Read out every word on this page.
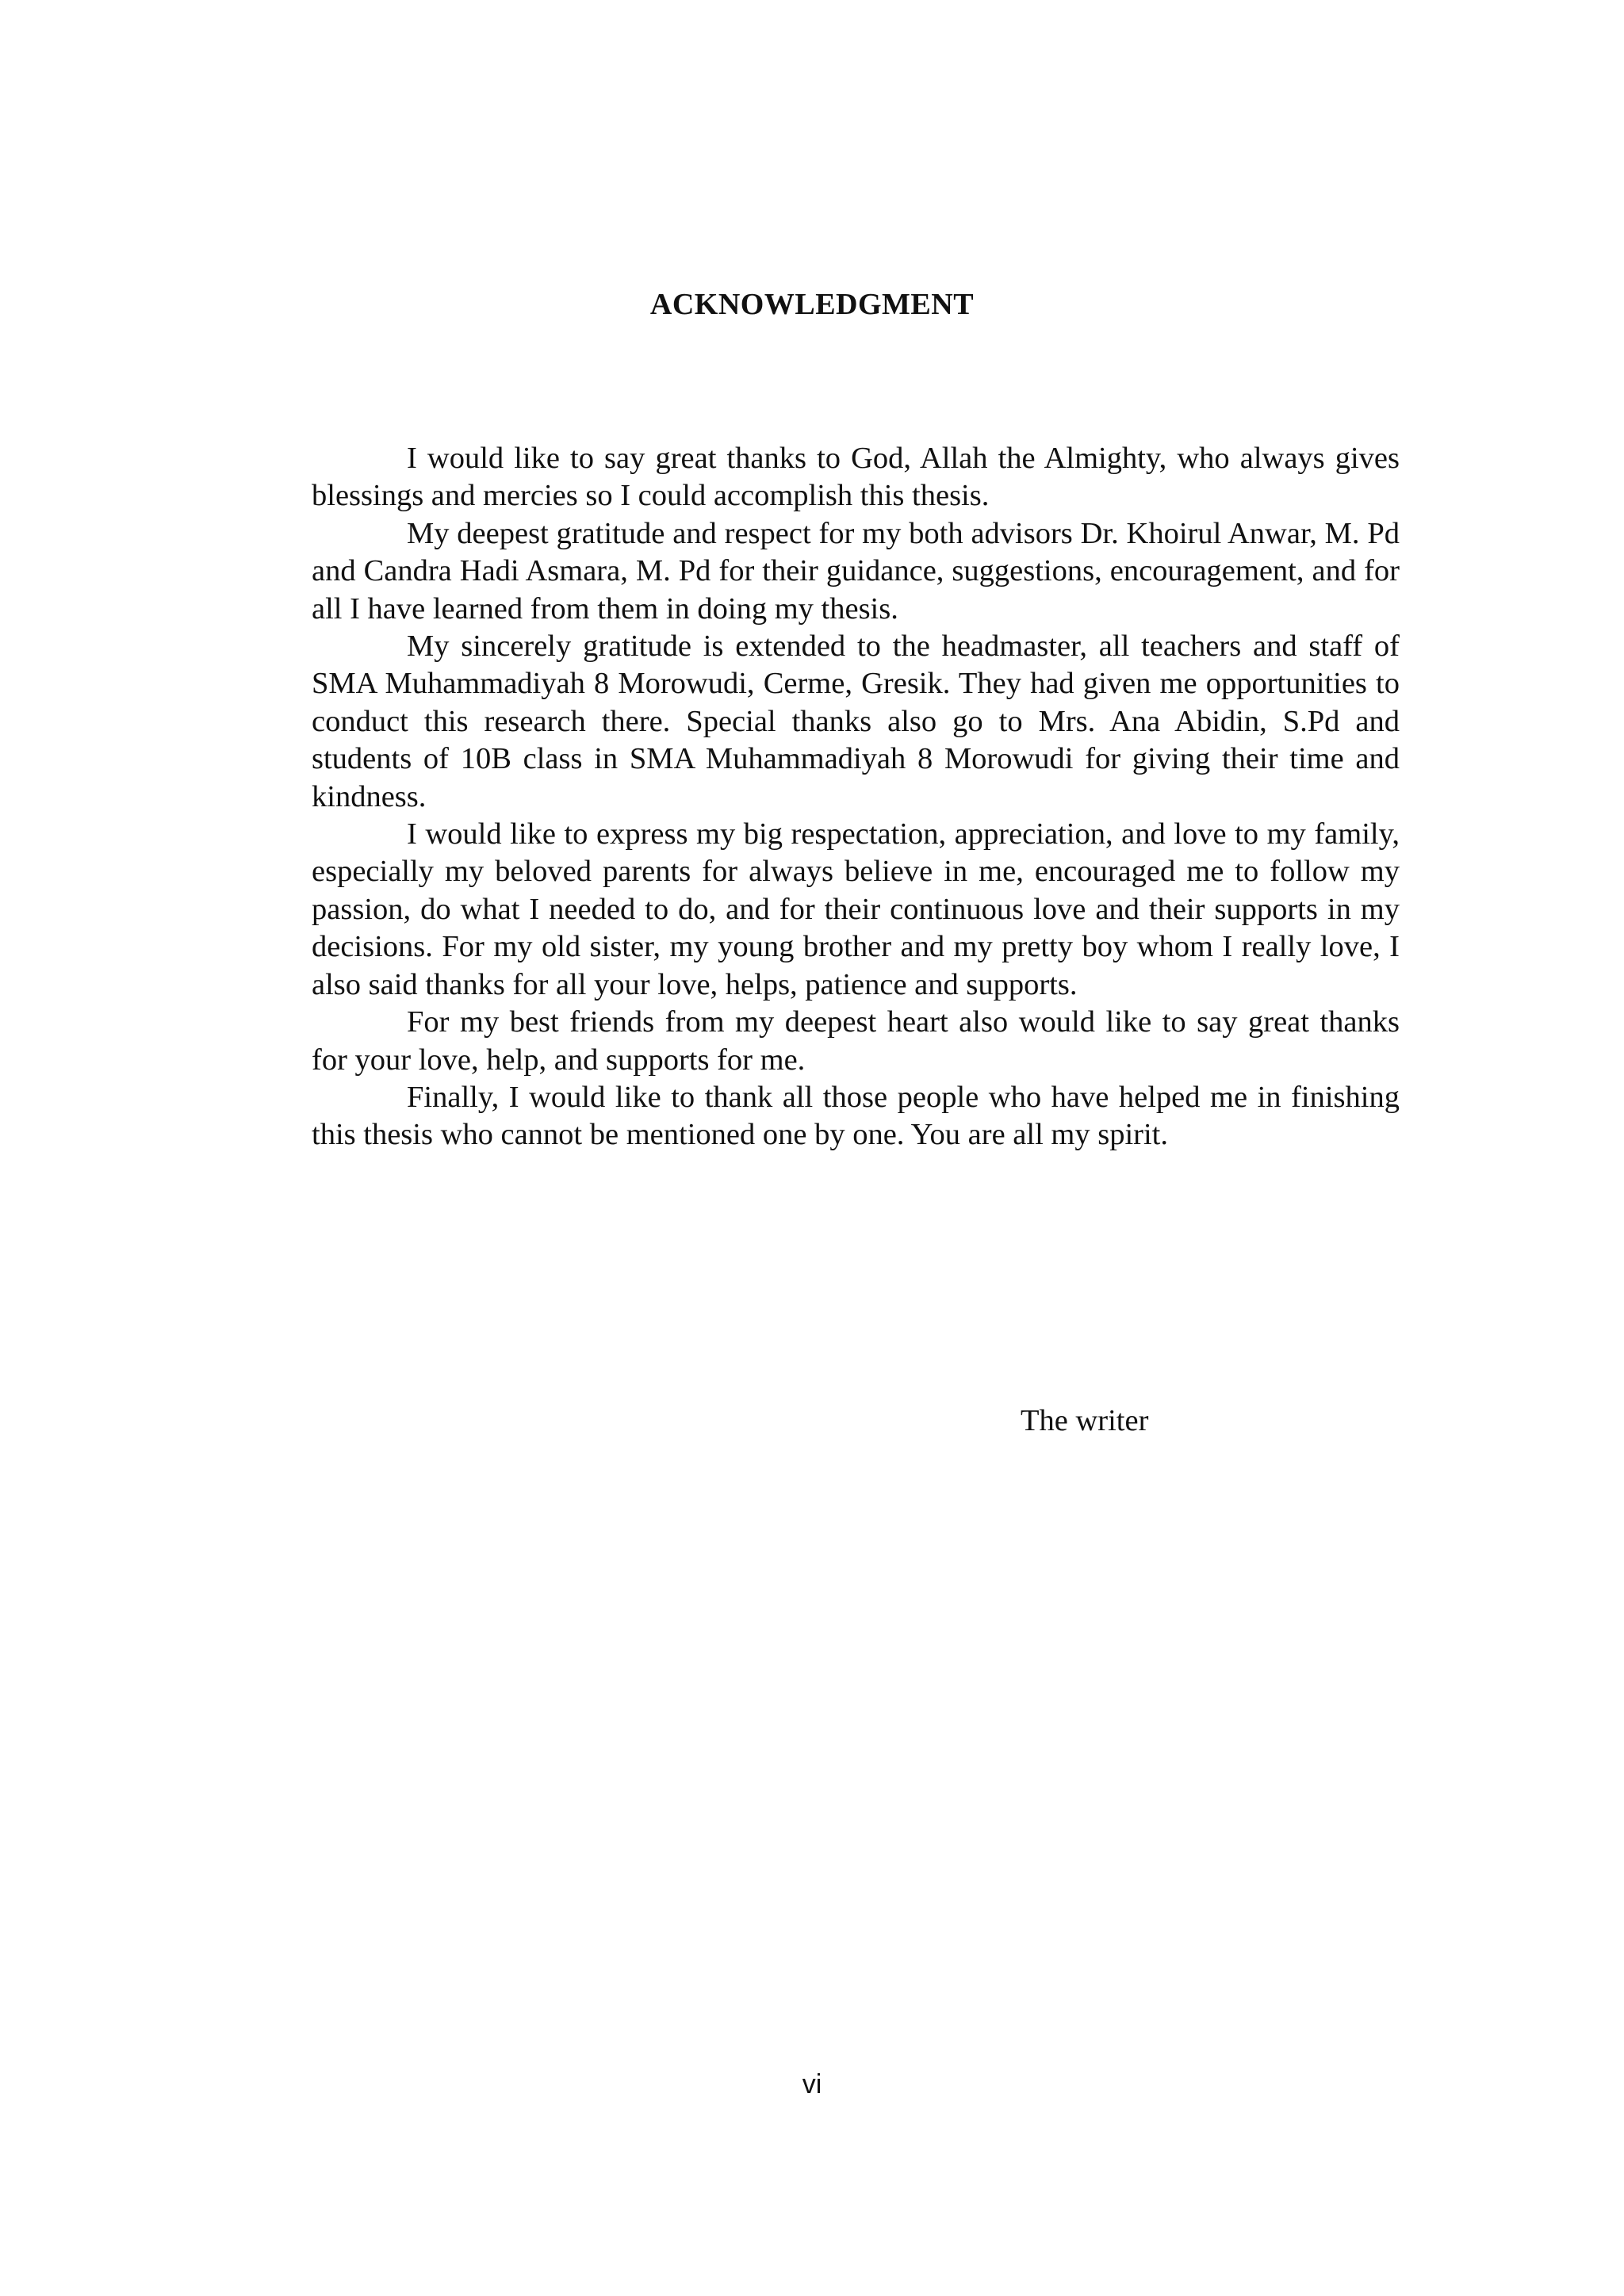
ACKNOWLEDGMENT

I would like to say great thanks to God, Allah the Almighty, who always gives blessings and mercies so I could accomplish this thesis.

My deepest gratitude and respect for my both advisors Dr. Khoirul Anwar, M. Pd and Candra Hadi Asmara, M. Pd for their guidance, suggestions, encouragement, and for all I have learned from them in doing my thesis.

My sincerely gratitude is extended to the headmaster, all teachers and staff of SMA Muhammadiyah 8 Morowudi, Cerme, Gresik. They had given me opportunities to conduct this research there. Special thanks also go to Mrs. Ana Abidin, S.Pd and students of 10B class in SMA Muhammadiyah 8 Morowudi for giving their time and kindness.

I would like to express my big respectation, appreciation, and love to my family, especially my beloved parents for always believe in me, encouraged me to follow my passion, do what I needed to do, and for their continuous love and their supports in my decisions. For my old sister, my young brother and my pretty boy whom I really love, I also said thanks for all your love, helps, patience and supports.

For my best friends from my deepest heart also would like to say great thanks for your love, help, and supports for me.

Finally, I would like to thank all those people who have helped me in finishing this thesis who cannot be mentioned one by one. You are all my spirit.

The writer

vi
